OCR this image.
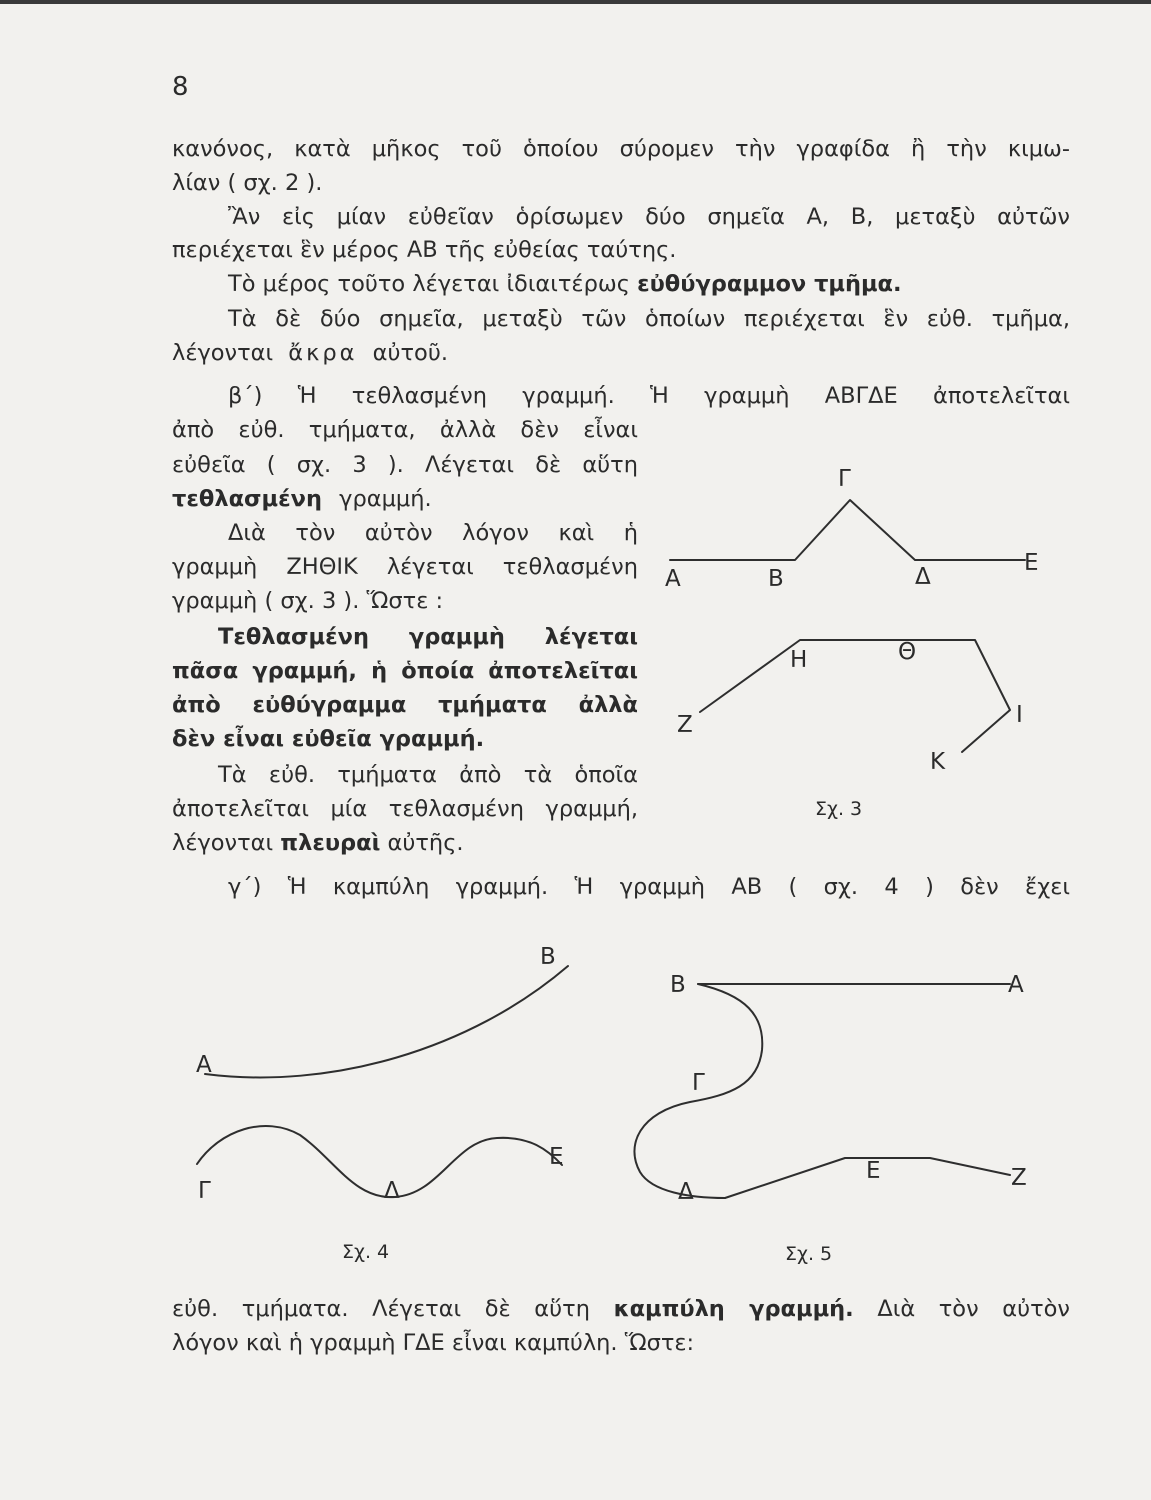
8
κανόνος, κατὰ μῆκος τοῦ ὁποίου σύρομεν τὴν γραφίδα ἢ τὴν κιμω-
λίαν ( σχ. 2 ).
Ἂν εἰς μίαν εὐθεῖαν ὁρίσωμεν δύο σημεῖα Α, Β, μεταξὺ αὐτῶν
περιέχεται ἓν μέρος ΑΒ τῆς εὐθείας ταύτης.
Τὸ μέρος τοῦτο λέγεται ἰδιαιτέρως εὐθύγραμμον τμῆμα.
Τὰ δὲ δύο σημεῖα, μεταξὺ τῶν ὁποίων περιέχεται ἓν εὐθ. τμῆμα,
λέγονται ἄκρα αὐτοῦ.
β΄) Ἡ τεθλασμένη γραμμή. Ἡ γραμμὴ ΑΒΓΔΕ ἀποτελεῖται
ἀπὸ εὐθ. τμήματα, ἀλλὰ δὲν εἶναι
εὐθεῖα ( σχ. 3 ). Λέγεται δὲ αὕτη
τεθλασμένη γραμμή.
Διὰ τὸν αὐτὸν λόγον καὶ ἡ
γραμμὴ ΖΗΘΙΚ λέγεται τεθλασμένη
γραμμὴ ( σχ. 3 ). Ὥστε :
Τεθλασμένη γραμμὴ λέγεται
πᾶσα γραμμή, ἡ ὁποία ἀποτελεῖται
ἀπὸ εὐθύγραμμα τμήματα ἀλλὰ
δὲν εἶναι εὐθεῖα γραμμή.
Τὰ εὐθ. τμήματα ἀπὸ τὰ ὁποῖα
ἀποτελεῖται μία τεθλασμένη γραμμή,
λέγονται πλευραὶ αὐτῆς.
γ΄) Ἡ καμπύλη γραμμή. Ἡ γραμμὴ ΑΒ ( σχ. 4 ) δὲν ἔχει
Γ
Α	Β	Δ
Ε
Η	Θ
Ζ	Ι
Κ
Σχ. 3
Β
Α
Γ	Δ
Ε
Σχ. 4
Β	Α
Γ
Δ
Ε	Ζ
Σχ. 5
εὐθ. τμήματα. Λέγεται δὲ αὕτη καμπύλη γραμμή. Διὰ τὸν αὐτὸν
λόγον καὶ ἡ γραμμὴ ΓΔΕ εἶναι καμπύλη. Ὥστε:
